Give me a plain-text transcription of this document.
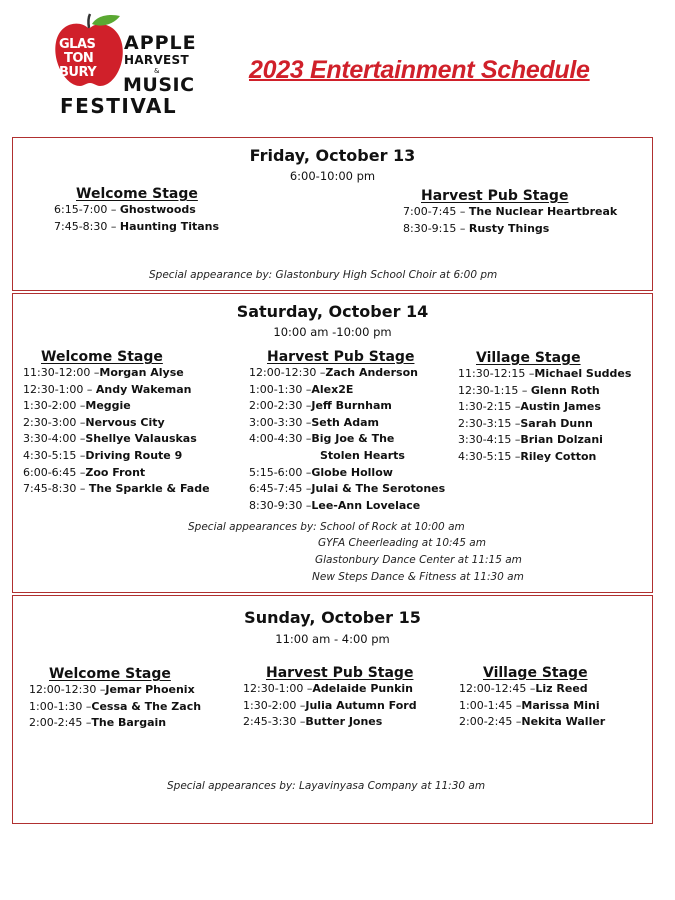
GLAS
TON
BURY
APPLE
HARVEST
&
MUSIC
FESTIVAL
2023 Entertainment Schedule
Friday, October 13
6:00-10:00 pm
Welcome Stage
6:15-7:00 – Ghostwoods
7:45-8:30 – Haunting Titans
Harvest Pub Stage
7:00-7:45 – The Nuclear Heartbreak
8:30-9:15 – Rusty Things
Special appearance by: Glastonbury High School Choir at 6:00 pm
Saturday, October 14
10:00 am -10:00 pm
Welcome Stage
11:30-12:00 –Morgan Alyse
12:30-1:00 – Andy Wakeman
1:30-2:00 –Meggie
2:30-3:00 –Nervous City
3:30-4:00 –Shellye Valauskas
4:30-5:15 –Driving Route 9
6:00-6:45 –Zoo Front
7:45-8:30 – The Sparkle & Fade
Harvest Pub Stage
12:00-12:30 –Zach Anderson
1:00-1:30 –Alex2E
2:00-2:30 –Jeff Burnham
3:00-3:30 –Seth Adam
4:00-4:30 –Big Joe & The
Stolen Hearts
5:15-6:00 –Globe Hollow
6:45-7:45 –Julai & The Serotones
8:30-9:30 –Lee-Ann Lovelace
Village Stage
11:30-12:15 –Michael Suddes
12:30-1:15 – Glenn Roth
1:30-2:15 –Austin James
2:30-3:15 –Sarah Dunn
3:30-4:15 –Brian Dolzani
4:30-5:15 –Riley Cotton
Special appearances by: School of Rock at 10:00 am
GYFA Cheerleading at 10:45 am
Glastonbury Dance Center at 11:15 am
New Steps Dance & Fitness at 11:30 am
Sunday, October 15
11:00 am - 4:00 pm
Welcome Stage
12:00-12:30 –Jemar Phoenix
1:00-1:30 –Cessa & The Zach
2:00-2:45 –The Bargain
Harvest Pub Stage
12:30-1:00 –Adelaide Punkin
1:30-2:00 –Julia Autumn Ford
2:45-3:30 –Butter Jones
Village Stage
12:00-12:45 –Liz Reed
1:00-1:45 –Marissa Mini
2:00-2:45 –Nekita Waller
Special appearances by: Layavinyasa Company at 11:30 am
